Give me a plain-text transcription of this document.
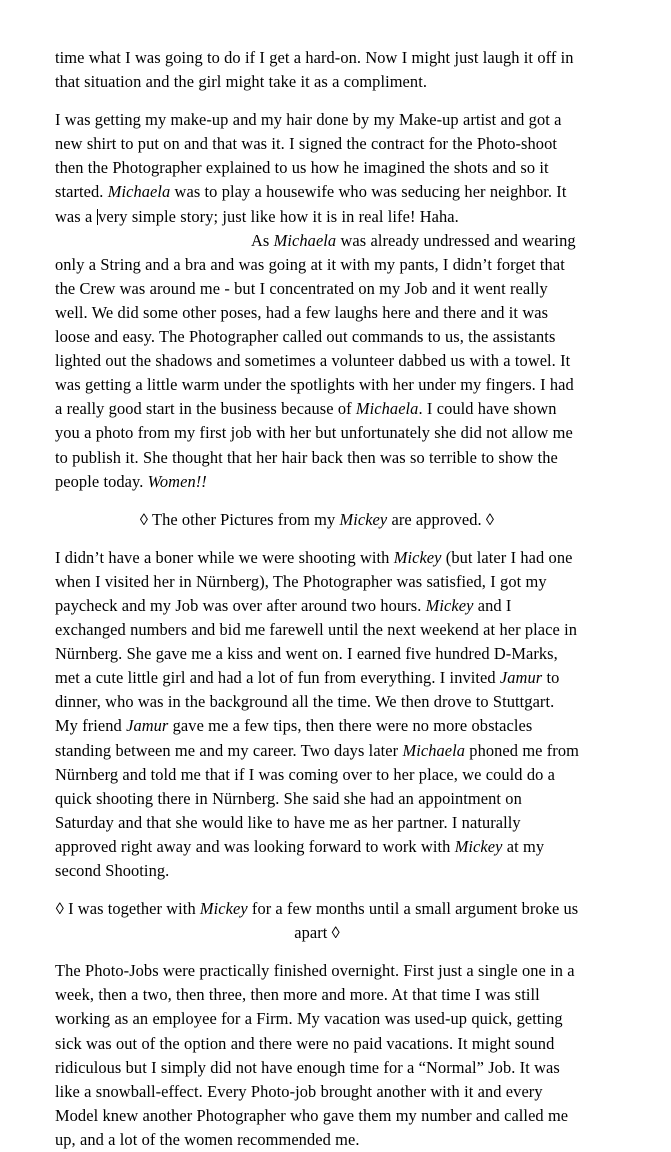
time what I was going to do if I get a hard-on. Now I might just laugh it off in that situation and the girl might take it as a compliment.

I was getting my make-up and my hair done by my Make-up artist and got a new shirt to put on and that was it. I signed the contract for the Photo-shoot then the Photographer explained to us how he imagined the shots and so it started. Michaela was to play a housewife who was seducing her neighbor. It was a very simple story; just like how it is in real life! Haha.As Michaela was already undressed and wearing only a String and a bra and was going at it with my pants, I didn’t forget that the Crew was around me - but I concentrated on my Job and it went really well. We did some other poses, had a few laughs here and there and it was loose and easy. The Photographer called out commands to us, the assistants lighted out the shadows and sometimes a volunteer dabbed us with a towel. It was getting a little warm under the spotlights with her under my fingers. I had a really good start in the business because of Michaela. I could have shown you a photo from my first job with her but unfortunately she did not allow me to publish it. She thought that her hair back then was so terrible to show the people today. Women!!

◊ The other Pictures from my Mickey are approved. ◊

I didn’t have a boner while we were shooting with Mickey (but later I had one when I visited her in Nürnberg), The Photographer was satisfied, I got my paycheck and my Job was over after around two hours. Mickey and I exchanged numbers and bid me farewell until the next weekend at her place in Nürnberg. She gave me a kiss and went on. I earned five hundred D-Marks, met a cute little girl and had a lot of fun from everything. I invited Jamur to dinner, who was in the background all the time. We then drove to Stuttgart. My friend Jamur gave me a few tips, then there were no more obstacles standing between me and my career. Two days later Michaela phoned me from Nürnberg and told me that if I was coming over to her place, we could do a quick shooting there in Nürnberg. She said she had an appointment on Saturday and that she would like to have me as her partner. I naturally approved right away and was looking forward to work with Mickey at my second Shooting.

◊ I was together with Mickey for a few months until a small argument broke us apart ◊

The Photo-Jobs were practically finished overnight. First just a single one in a week, then a two, then three, then more and more. At that time I was still working as an employee for a Firm. My vacation was used-up quick, getting sick was out of the option and there were no paid vacations. It might sound ridiculous but I simply did not have enough time for a “Normal” Job. It was like a snowball-effect. Every Photo-job brought another with it and every Model knew another Photographer who gave them my number and called me up, and a lot of the women recommended me.
